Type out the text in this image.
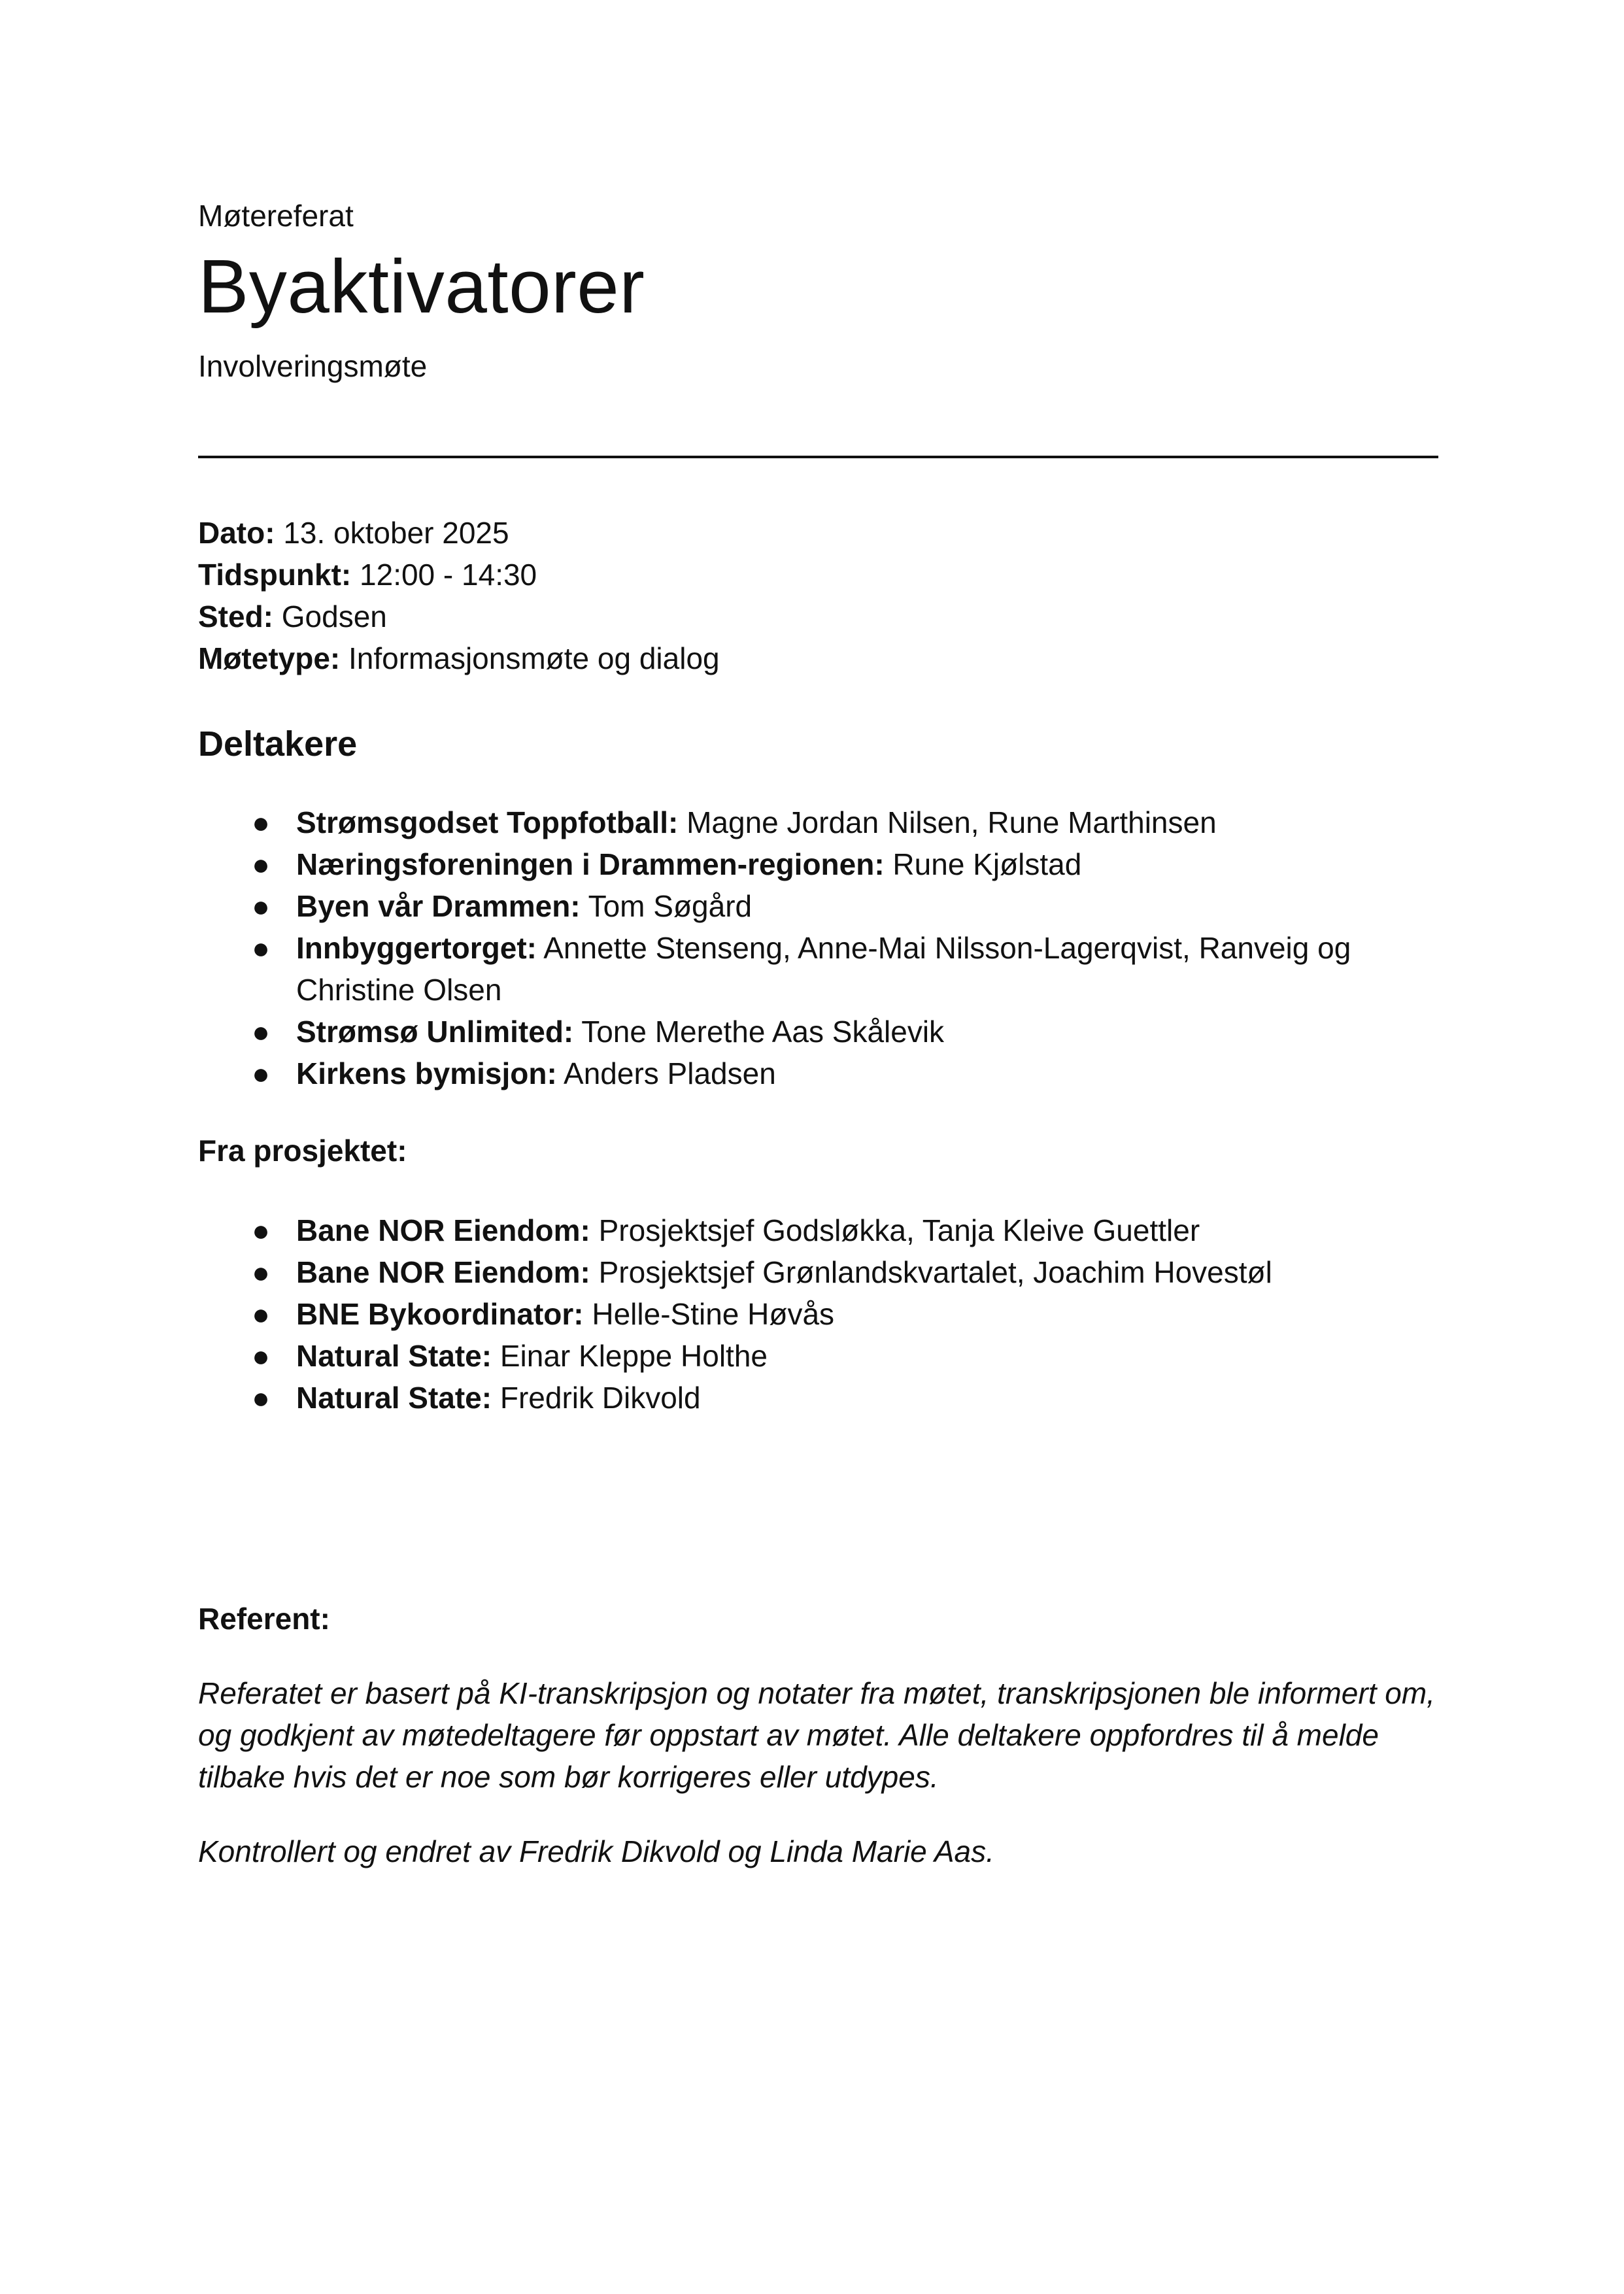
Møtereferat
Byaktivatorer
Involveringsmøte
Dato: 13. oktober 2025
Tidspunkt: 12:00 - 14:30
Sted: Godsen
Møtetype: Informasjonsmøte og dialog
Deltakere
● Strømsgodset Toppfotball: Magne Jordan Nilsen, Rune Marthinsen
● Næringsforeningen i Drammen-regionen: Rune Kjølstad
● Byen vår Drammen: Tom Søgård
● Innbyggertorget: Annette Stenseng, Anne-Mai Nilsson-Lagerqvist, Ranveig og Christine Olsen
● Strømsø Unlimited: Tone Merethe Aas Skålevik
● Kirkens bymisjon: Anders Pladsen
Fra prosjektet:
● Bane NOR Eiendom: Prosjektsjef Godsløkka, Tanja Kleive Guettler
● Bane NOR Eiendom: Prosjektsjef Grønlandskvartalet, Joachim Hovestøl
● BNE Bykoordinator: Helle-Stine Høvås
● Natural State: Einar Kleppe Holthe
● Natural State: Fredrik Dikvold
Referent:

Referatet er basert på KI-transkripsjon og notater fra møtet, transkripsjonen ble informert om, og godkjent av møtedeltagere før oppstart av møtet. Alle deltakere oppfordres til å melde tilbake hvis det er noe som bør korrigeres eller utdypes.

Kontrollert og endret av Fredrik Dikvold og Linda Marie Aas.
